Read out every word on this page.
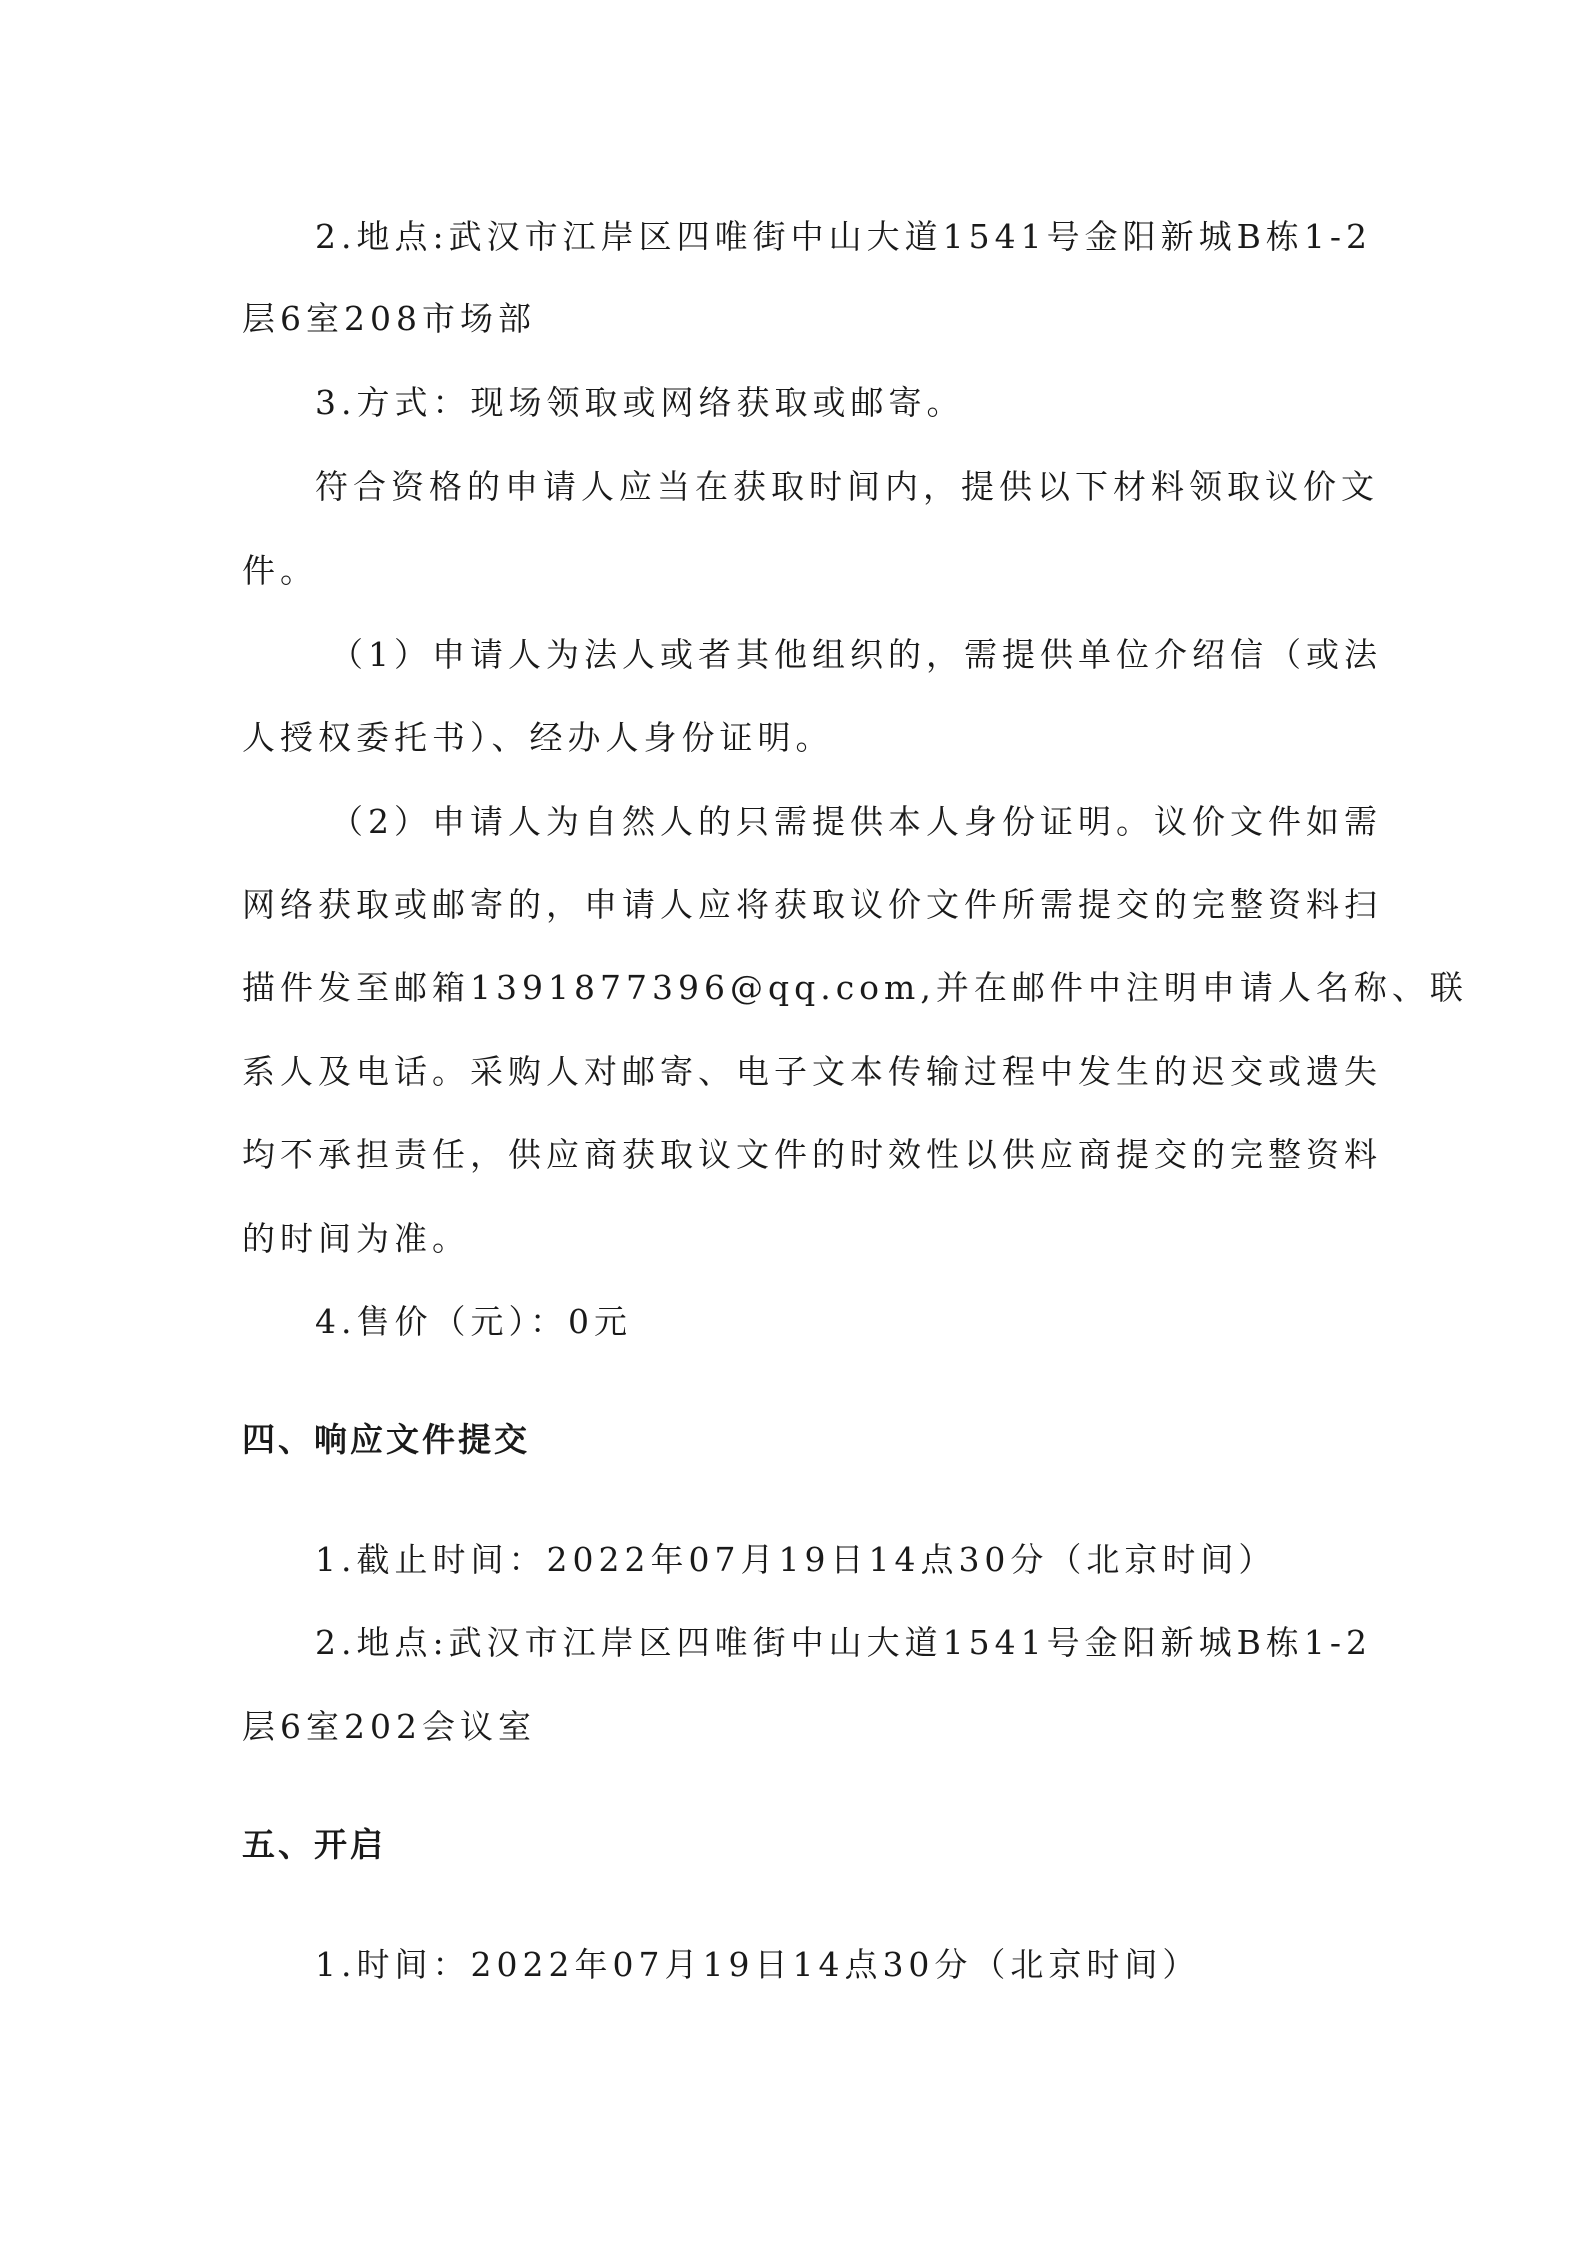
2.地点:武汉市江岸区四唯街中山大道1541号金阳新城B栋1-2
层6室208市场部
3.方式：现场领取或网络获取或邮寄。
符合资格的申请人应当在获取时间内，提供以下材料领取议价文
件。
（1）申请人为法人或者其他组织的，需提供单位介绍信（或法
人授权委托书）、经办人身份证明。
（2）申请人为自然人的只需提供本人身份证明。议价文件如需
网络获取或邮寄的，申请人应将获取议价文件所需提交的完整资料扫
描件发至邮箱1391877396@qq.com,并在邮件中注明申请人名称、联
系人及电话。采购人对邮寄、电子文本传输过程中发生的迟交或遗失
均不承担责任，供应商获取议文件的时效性以供应商提交的完整资料
的时间为准。
4.售价（元）：0元
四、响应文件提交
1.截止时间：2022年07月19日14点30分（北京时间）
2.地点:武汉市江岸区四唯街中山大道1541号金阳新城B栋1-2
层6室202会议室
五、开启
1.时间：2022年07月19日14点30分（北京时间）
